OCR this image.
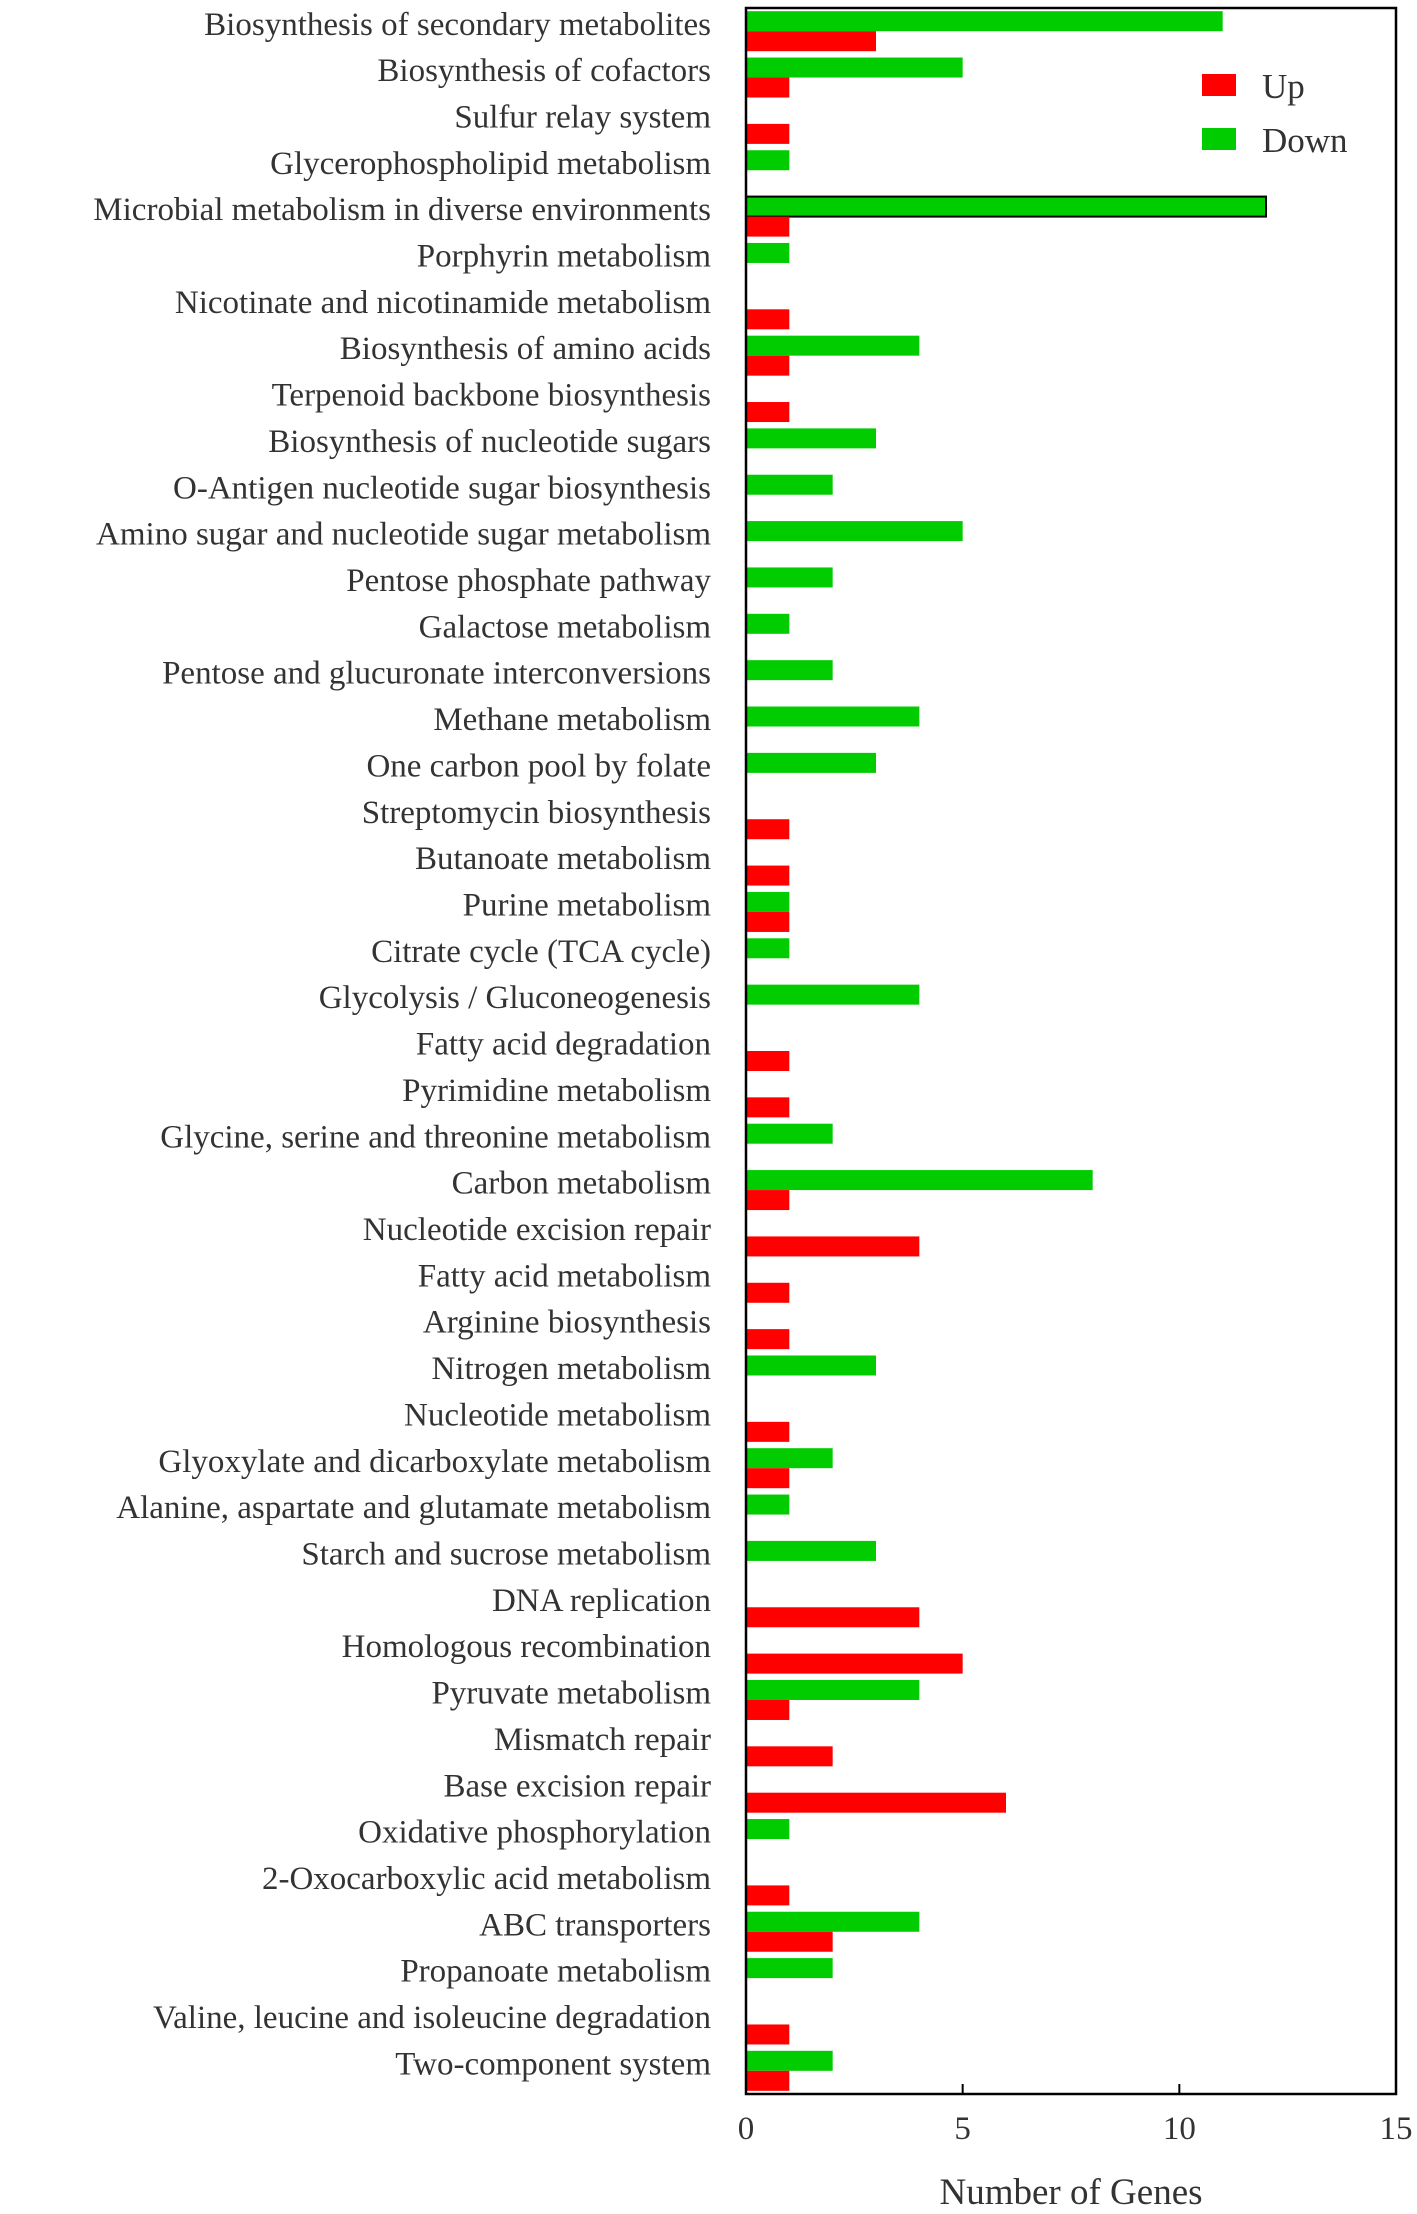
Biosynthesis of secondary metabolites
Biosynthesis of cofactors
Sulfur relay system
Glycerophospholipid metabolism
Microbial metabolism in diverse environments
Porphyrin metabolism
Nicotinate and nicotinamide metabolism
Biosynthesis of amino acids
Terpenoid backbone biosynthesis
Biosynthesis of nucleotide sugars
O-Antigen nucleotide sugar biosynthesis
Amino sugar and nucleotide sugar metabolism
Pentose phosphate pathway
Galactose metabolism
Pentose and glucuronate interconversions
Methane metabolism
One carbon pool by folate
Streptomycin biosynthesis
Butanoate metabolism
Purine metabolism
Citrate cycle (TCA cycle)
Glycolysis / Gluconeogenesis
Fatty acid degradation
Pyrimidine metabolism
Glycine, serine and threonine metabolism
Carbon metabolism
Nucleotide excision repair
Fatty acid metabolism
Arginine biosynthesis
Nitrogen metabolism
Nucleotide metabolism
Glyoxylate and dicarboxylate metabolism
Alanine, aspartate and glutamate metabolism
Starch and sucrose metabolism
DNA replication
Homologous recombination
Pyruvate metabolism
Mismatch repair
Base excision repair
Oxidative phosphorylation
2-Oxocarboxylic acid metabolism
ABC transporters
Propanoate metabolism
Valine, leucine and isoleucine degradation
Two-component system
0	5	10	15
Number of Genes
Up
Down
